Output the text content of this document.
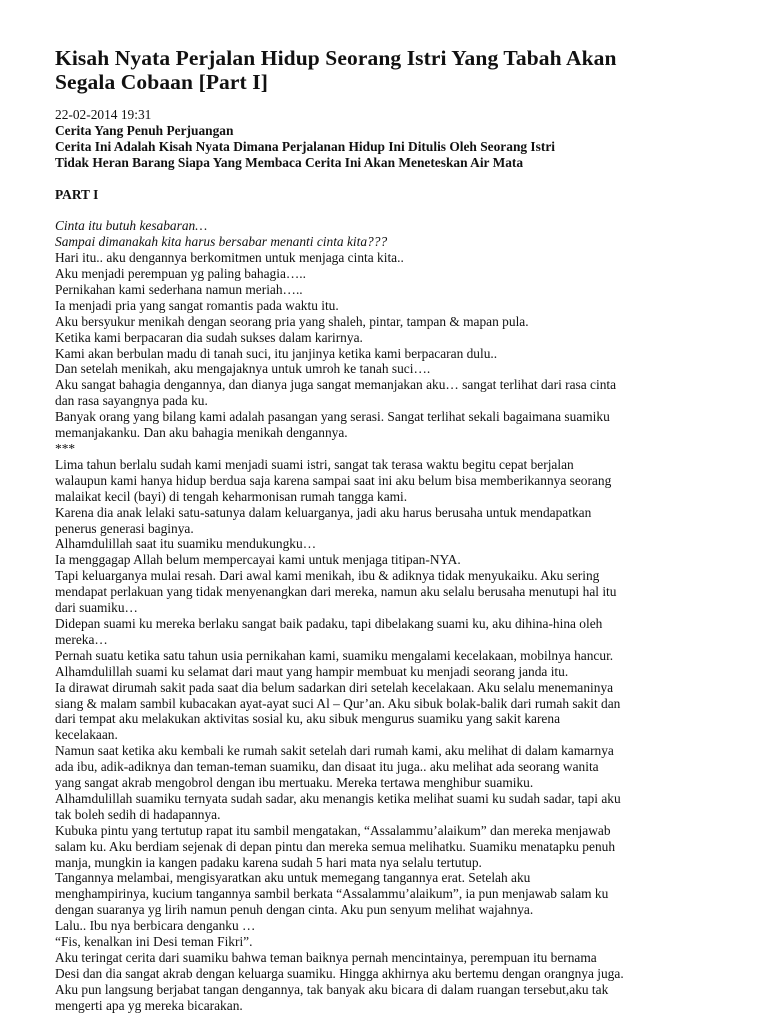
Kisah Nyata Perjalan Hidup Seorang Istri Yang Tabah Akan
Segala Cobaan [Part I]
22-02-2014 19:31
Cerita Yang Penuh Perjuangan
Cerita Ini Adalah Kisah Nyata Dimana Perjalanan Hidup Ini Ditulis Oleh Seorang Istri
Tidak Heran Barang Siapa Yang Membaca Cerita Ini Akan Meneteskan Air Mata
PART I
Cinta itu butuh kesabaran…
Sampai dimanakah kita harus bersabar menanti cinta kita???
Hari itu.. aku dengannya berkomitmen untuk menjaga cinta kita..
Aku menjadi perempuan yg paling bahagia…..
Pernikahan kami sederhana namun meriah…..
Ia menjadi pria yang sangat romantis pada waktu itu.
Aku bersyukur menikah dengan seorang pria yang shaleh, pintar, tampan & mapan pula.
Ketika kami berpacaran dia sudah sukses dalam karirnya.
Kami akan berbulan madu di tanah suci, itu janjinya ketika kami berpacaran dulu..
Dan setelah menikah, aku mengajaknya untuk umroh ke tanah suci….
Aku sangat bahagia dengannya, dan dianya juga sangat memanjakan aku… sangat terlihat dari rasa cinta
dan rasa sayangnya pada ku.
Banyak orang yang bilang kami adalah pasangan yang serasi. Sangat terlihat sekali bagaimana suamiku
memanjakanku. Dan aku bahagia menikah dengannya.
***
Lima tahun berlalu sudah kami menjadi suami istri, sangat tak terasa waktu begitu cepat berjalan
walaupun kami hanya hidup berdua saja karena sampai saat ini aku belum bisa memberikannya seorang
malaikat kecil (bayi) di tengah keharmonisan rumah tangga kami.
Karena dia anak lelaki satu-satunya dalam keluarganya, jadi aku harus berusaha untuk mendapatkan
penerus generasi baginya.
Alhamdulillah saat itu suamiku mendukungku…
Ia menggagap Allah belum mempercayai kami untuk menjaga titipan-NYA.
Tapi keluarganya mulai resah. Dari awal kami menikah, ibu & adiknya tidak menyukaiku. Aku sering
mendapat perlakuan yang tidak menyenangkan dari mereka, namun aku selalu berusaha menutupi hal itu
dari suamiku…
Didepan suami ku mereka berlaku sangat baik padaku, tapi dibelakang suami ku, aku dihina-hina oleh
mereka…
Pernah suatu ketika satu tahun usia pernikahan kami, suamiku mengalami kecelakaan, mobilnya hancur.
Alhamdulillah suami ku selamat dari maut yang hampir membuat ku menjadi seorang janda itu.
Ia dirawat dirumah sakit pada saat dia belum sadarkan diri setelah kecelakaan. Aku selalu menemaninya
siang & malam sambil kubacakan ayat-ayat suci Al – Qur’an. Aku sibuk bolak-balik dari rumah sakit dan
dari tempat aku melakukan aktivitas sosial ku, aku sibuk mengurus suamiku yang sakit karena
kecelakaan.
Namun saat ketika aku kembali ke rumah sakit setelah dari rumah kami, aku melihat di dalam kamarnya
ada ibu, adik-adiknya dan teman-teman suamiku, dan disaat itu juga.. aku melihat ada seorang wanita
yang sangat akrab mengobrol dengan ibu mertuaku. Mereka tertawa menghibur suamiku.
Alhamdulillah suamiku ternyata sudah sadar, aku menangis ketika melihat suami ku sudah sadar, tapi aku
tak boleh sedih di hadapannya.
Kubuka pintu yang tertutup rapat itu sambil mengatakan, “Assalammu’alaikum” dan mereka menjawab
salam ku. Aku berdiam sejenak di depan pintu dan mereka semua melihatku. Suamiku menatapku penuh
manja, mungkin ia kangen padaku karena sudah 5 hari mata nya selalu tertutup.
Tangannya melambai, mengisyaratkan aku untuk memegang tangannya erat. Setelah aku
menghampirinya, kucium tangannya sambil berkata “Assalammu’alaikum”, ia pun menjawab salam ku
dengan suaranya yg lirih namun penuh dengan cinta. Aku pun senyum melihat wajahnya.
Lalu.. Ibu nya berbicara denganku …
“Fis, kenalkan ini Desi teman Fikri”.
Aku teringat cerita dari suamiku bahwa teman baiknya pernah mencintainya, perempuan itu bernama
Desi dan dia sangat akrab dengan keluarga suamiku. Hingga akhirnya aku bertemu dengan orangnya juga.
Aku pun langsung berjabat tangan dengannya, tak banyak aku bicara di dalam ruangan tersebut,aku tak
mengerti apa yg mereka bicarakan.
